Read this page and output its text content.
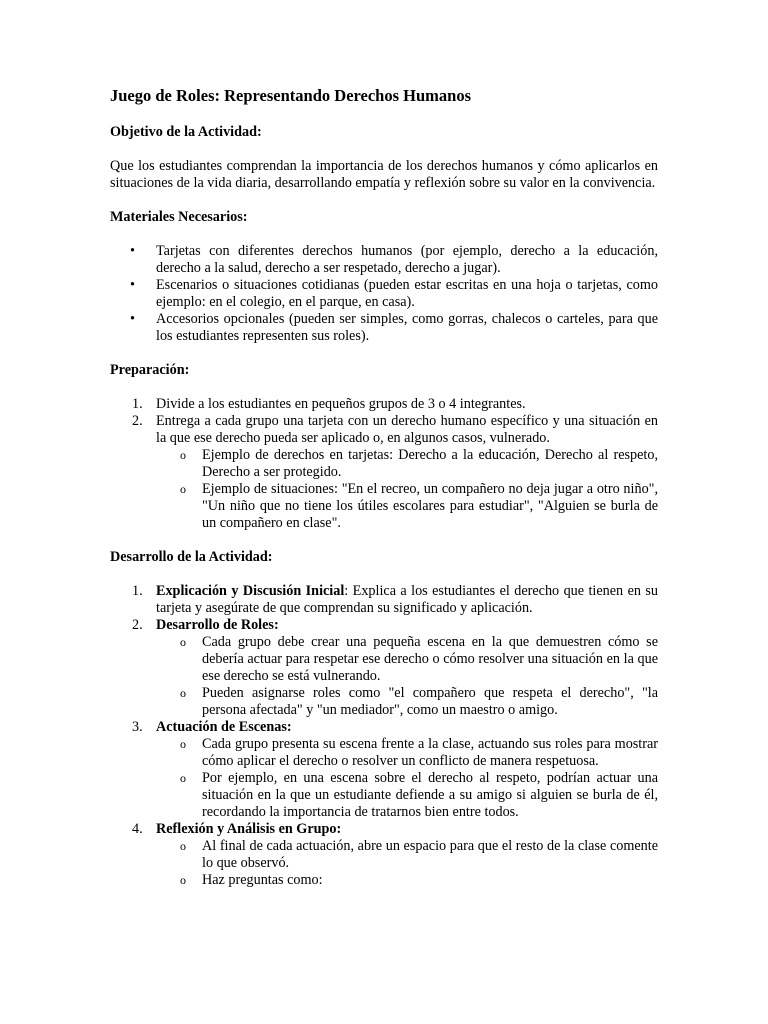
Juego de Roles: Representando Derechos Humanos
Objetivo de la Actividad:

Que los estudiantes comprendan la importancia de los derechos humanos y cómo aplicarlos en situaciones de la vida diaria, desarrollando empatía y reflexión sobre su valor en la convivencia.

Materiales Necesarios:
• Tarjetas con diferentes derechos humanos (por ejemplo, derecho a la educación, derecho a la salud, derecho a ser respetado, derecho a jugar).
• Escenarios o situaciones cotidianas (pueden estar escritas en una hoja o tarjetas, como ejemplo: en el colegio, en el parque, en casa).
• Accesorios opcionales (pueden ser simples, como gorras, chalecos o carteles, para que los estudiantes representen sus roles).
Preparación:
1. Divide a los estudiantes en pequeños grupos de 3 o 4 integrantes.
2. Entrega a cada grupo una tarjeta con un derecho humano específico y una situación en la que ese derecho pueda ser aplicado o, en algunos casos, vulnerado.
o Ejemplo de derechos en tarjetas: Derecho a la educación, Derecho al respeto, Derecho a ser protegido.
o Ejemplo de situaciones: "En el recreo, un compañero no deja jugar a otro niño", "Un niño que no tiene los útiles escolares para estudiar", "Alguien se burla de un compañero en clase".
Desarrollo de la Actividad:
1. Explicación y Discusión Inicial: Explica a los estudiantes el derecho que tienen en su tarjeta y asegúrate de que comprendan su significado y aplicación.
2. Desarrollo de Roles:
o Cada grupo debe crear una pequeña escena en la que demuestren cómo se debería actuar para respetar ese derecho o cómo resolver una situación en la que ese derecho se está vulnerando.
o Pueden asignarse roles como "el compañero que respeta el derecho", "la persona afectada" y "un mediador", como un maestro o amigo.
3. Actuación de Escenas:
o Cada grupo presenta su escena frente a la clase, actuando sus roles para mostrar cómo aplicar el derecho o resolver un conflicto de manera respetuosa.
o Por ejemplo, en una escena sobre el derecho al respeto, podrían actuar una situación en la que un estudiante defiende a su amigo si alguien se burla de él, recordando la importancia de tratarnos bien entre todos.
4. Reflexión y Análisis en Grupo:
o Al final de cada actuación, abre un espacio para que el resto de la clase comente lo que observó.
o Haz preguntas como:
